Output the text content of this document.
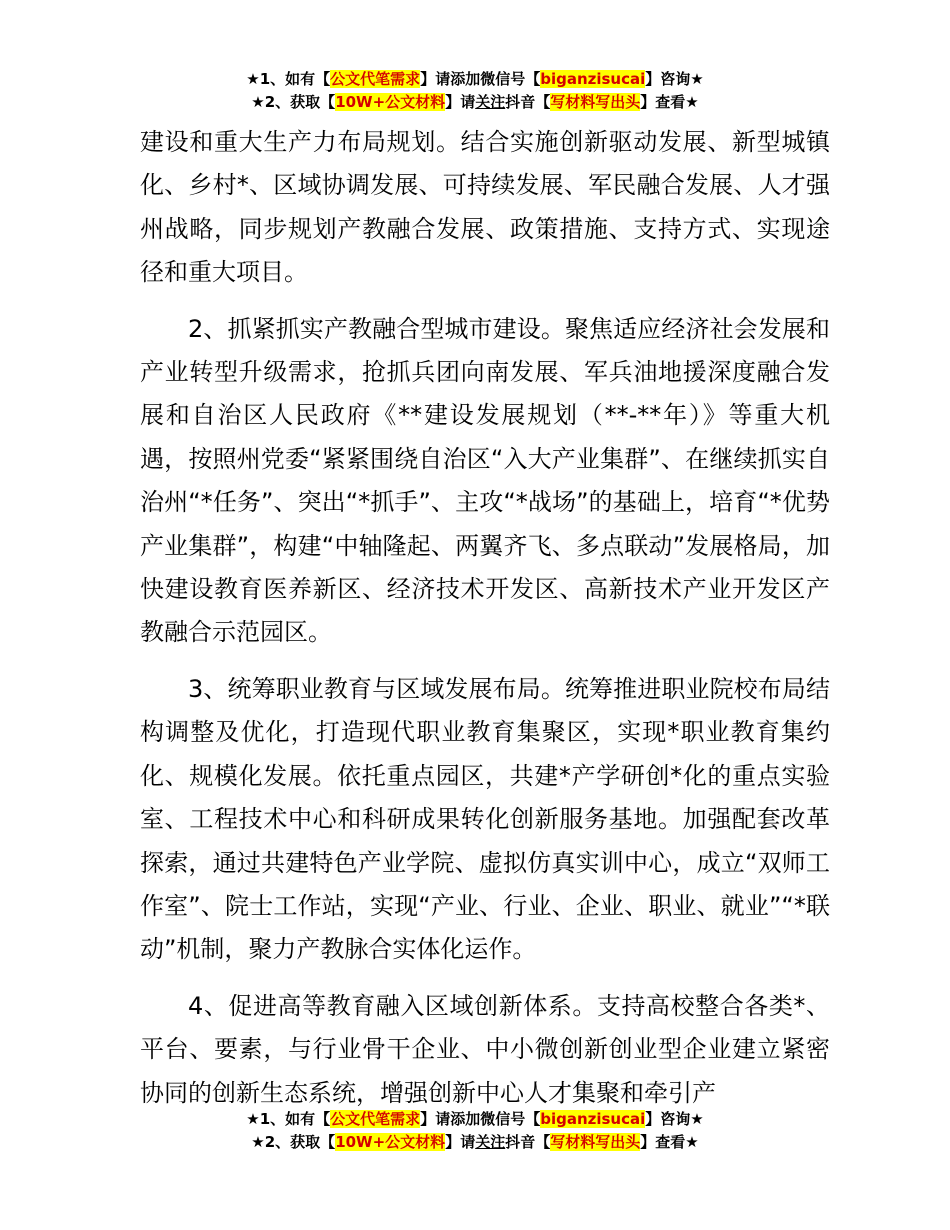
★1、如有【公文代笔需求】请添加微信号【biganzisucai】咨询★
★2、获取【10W+公文材料】请关注抖音【写材料写出头】查看★

建设和重大生产力布局规划。结合实施创新驱动发展、新型城镇化、乡村*、区域协调发展、可持续发展、军民融合发展、人才强州战略，同步规划产教融合发展、政策措施、支持方式、实现途径和重大项目。

2、抓紧抓实产教融合型城市建设。聚焦适应经济社会发展和产业转型升级需求，抢抓兵团向南发展、军兵油地援深度融合发展和自治区人民政府《**建设发展规划（**-**年）》等重大机遇，按照州党委“紧紧围绕自治区“入大产业集群”、在继续抓实自治州“*任务”、突出“*抓手”、主攻“*战场”的基础上，培育“*优势产业集群”，构建“中轴隆起、两翼齐飞、多点联动”发展格局，加快建设教育医养新区、经济技术开发区、高新技术产业开发区产教融合示范园区。

3、统筹职业教育与区域发展布局。统筹推进职业院校布局结构调整及优化，打造现代职业教育集聚区，实现*职业教育集约化、规模化发展。依托重点园区，共建*产学研创*化的重点实验室、工程技术中心和科研成果转化创新服务基地。加强配套改革探索，通过共建特色产业学院、虚拟仿真实训中心，成立“双师工作室”、院士工作站，实现“产业、行业、企业、职业、就业”“*联动”机制，聚力产教脉合实体化运作。

4、促进高等教育融入区域创新体系。支持高校整合各类*、平台、要素，与行业骨干企业、中小微创新创业型企业建立紧密协同的创新生态系统，增强创新中心人才集聚和牵引产

★1、如有【公文代笔需求】请添加微信号【biganzisucai】咨询★
★2、获取【10W+公文材料】请关注抖音【写材料写出头】查看★
